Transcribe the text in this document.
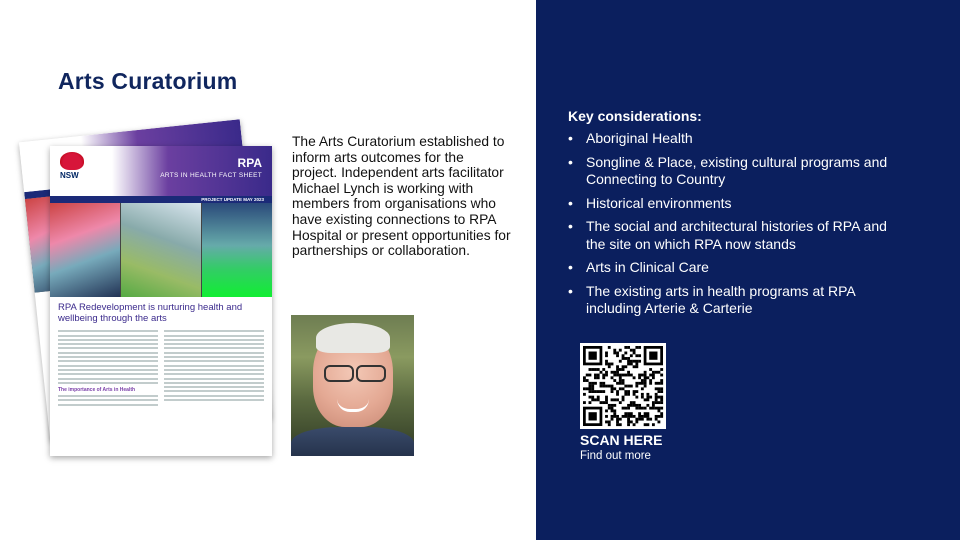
Arts Curatorium
NSW
RPA
ARTS IN HEALTH FACT SHEET
PROJECT UPDATE MAY 2023
RPA Redevelopment is nurturing health and wellbeing through the arts
The importance of Arts in Health
The Arts Curatorium established to inform arts outcomes for the project. Independent arts facilitator Michael Lynch is working with members from organisations who have existing connections to RPA Hospital or present opportunities for partnerships or collaboration.
Key considerations:
• Aboriginal Health
• Songline & Place, existing cultural programs and Connecting to Country
• Historical environments
• The social and architectural histories of RPA and the site on which RPA now stands
• Arts in Clinical Care
• The existing arts in health programs at RPA including Arterie & Carterie
SCAN HERE
Find out more
